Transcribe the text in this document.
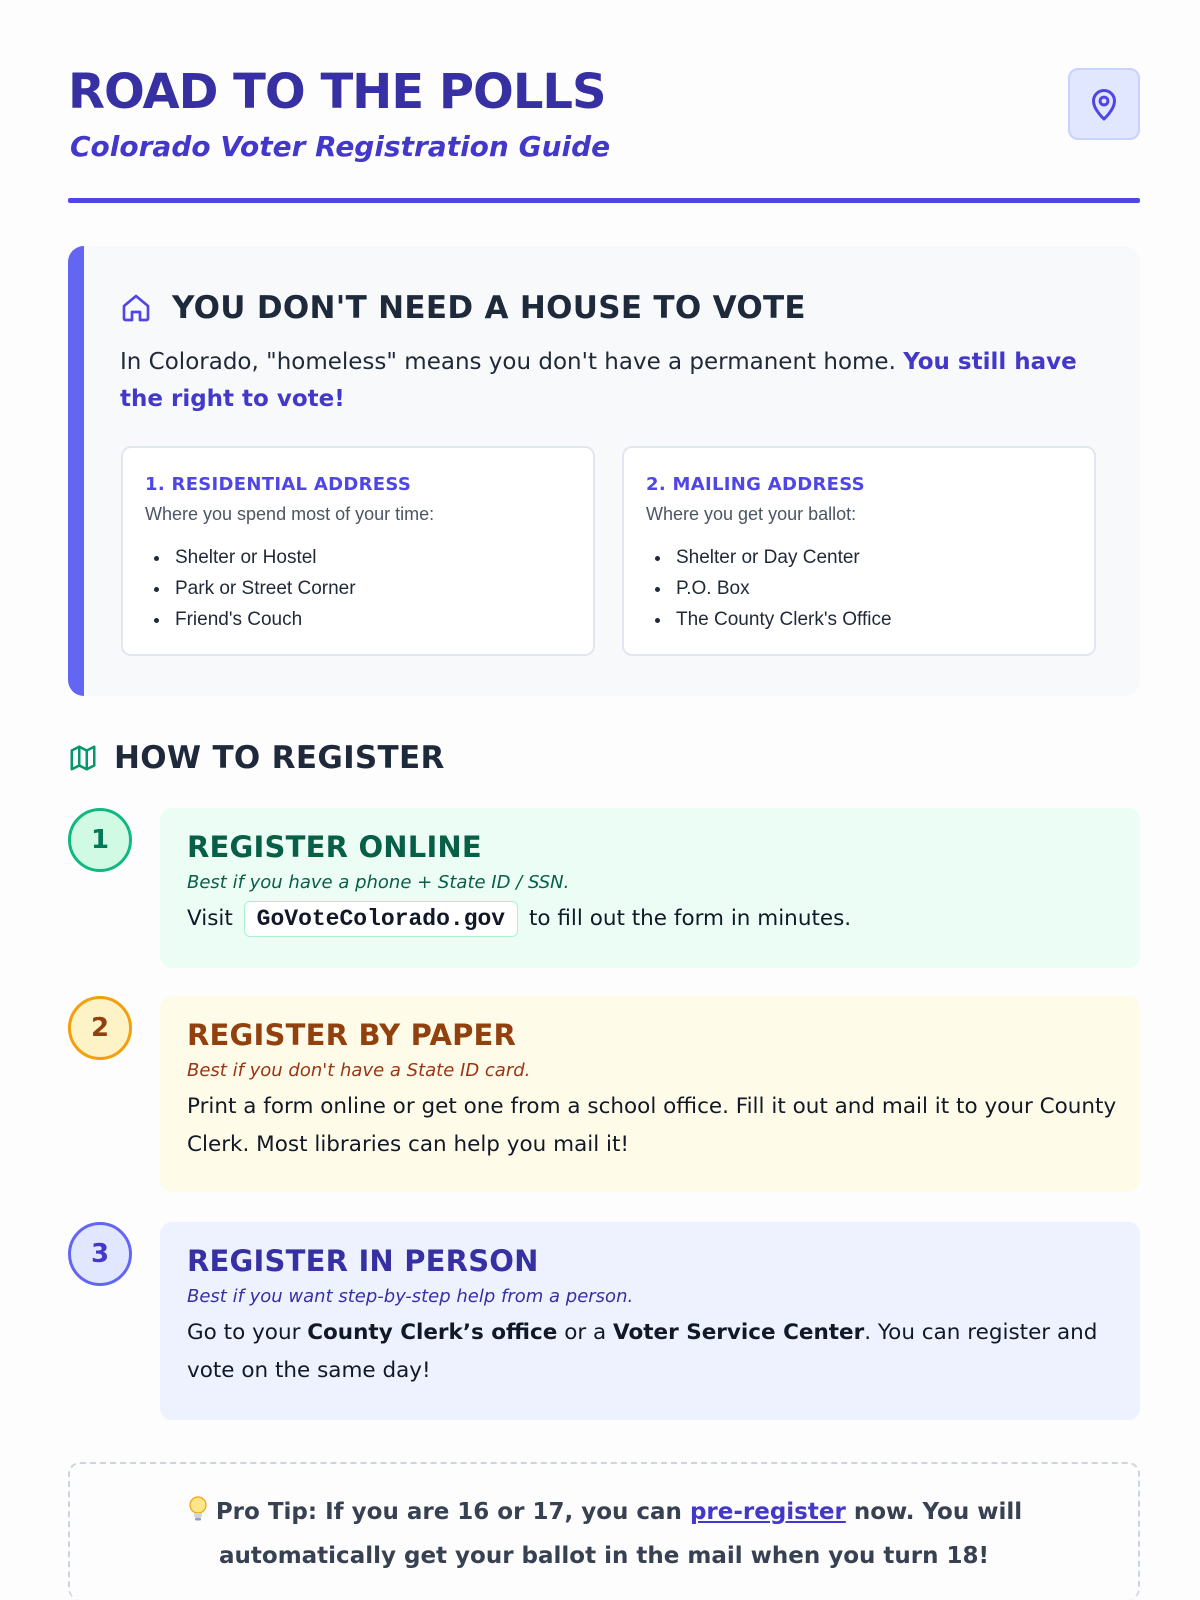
ROAD TO THE POLLS
Colorado Voter Registration Guide
YOU DON'T NEED A HOUSE TO VOTE
In Colorado, "homeless" means you don't have a permanent home. You still have the right to vote!
1. RESIDENTIAL ADDRESS
Where you spend most of your time:
• Shelter or Hostel
• Park or Street Corner
• Friend's Couch
2. MAILING ADDRESS
Where you get your ballot:
• Shelter or Day Center
• P.O. Box
• The County Clerk's Office
HOW TO REGISTER
1	REGISTER ONLINE
Best if you have a phone + State ID / SSN.
Visit GoVoteColorado.gov to fill out the form in minutes.
2	REGISTER BY PAPER
Best if you don't have a State ID card.
Print a form online or get one from a school office. Fill it out and mail it to your County Clerk. Most libraries can help you mail it!
3	REGISTER IN PERSON
Best if you want step-by-step help from a person.
Go to your County Clerk’s office or a Voter Service Center. You can register and vote on the same day!
Pro Tip: If you are 16 or 17, you can pre-register now. You will automatically get your ballot in the mail when you turn 18!
